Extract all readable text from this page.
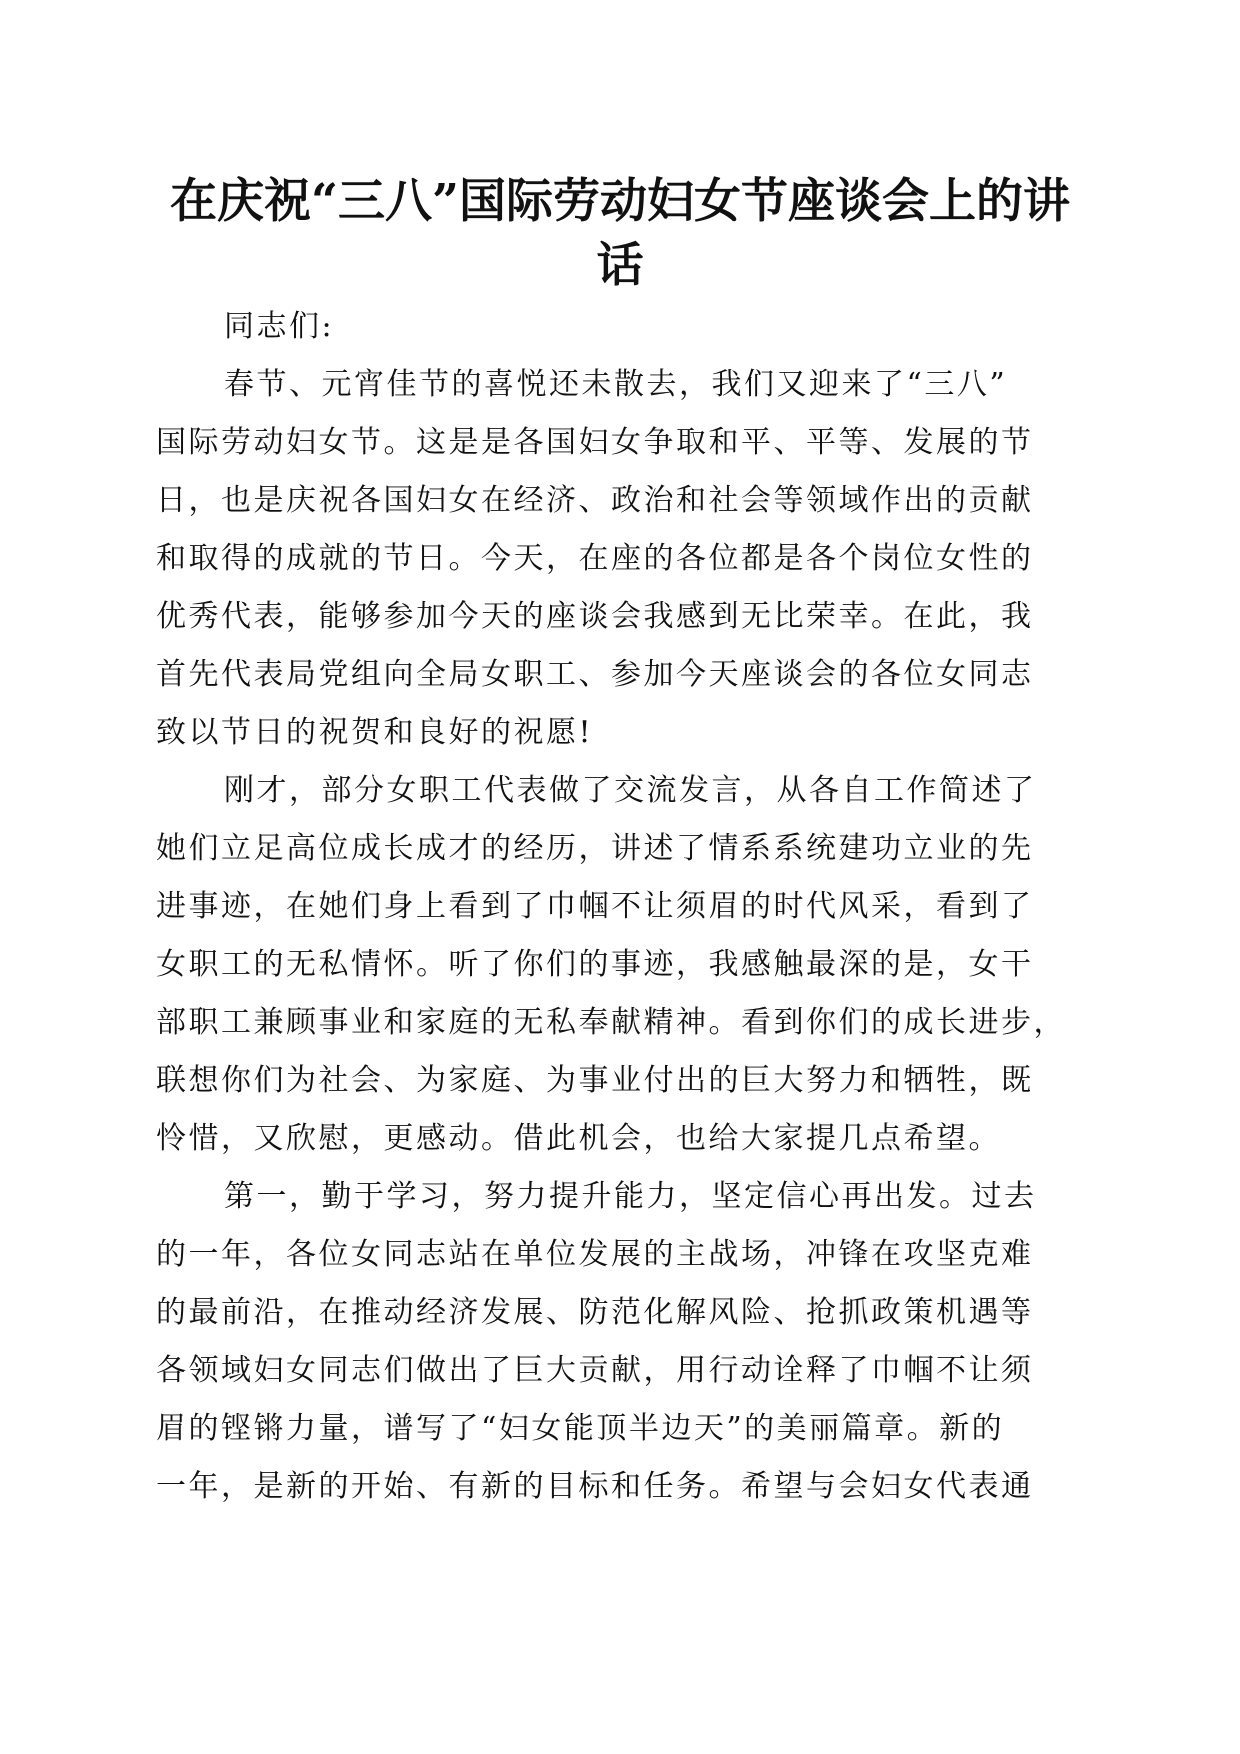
在庆祝“三八”国际劳动妇女节座谈会上的讲
话
同志们:
春节、元宵佳节的喜悦还未散去，我们又迎来了“三八”
国际劳动妇女节。这是是各国妇女争取和平、平等、发展的节
日，也是庆祝各国妇女在经济、政治和社会等领域作出的贡献
和取得的成就的节日。今天，在座的各位都是各个岗位女性的
优秀代表，能够参加今天的座谈会我感到无比荣幸。在此，我
首先代表局党组向全局女职工、参加今天座谈会的各位女同志
致以节日的祝贺和良好的祝愿!
刚才，部分女职工代表做了交流发言，从各自工作简述了
她们立足高位成长成才的经历，讲述了情系系统建功立业的先
进事迹，在她们身上看到了巾帼不让须眉的时代风采，看到了
女职工的无私情怀。听了你们的事迹，我感触最深的是，女干
部职工兼顾事业和家庭的无私奉献精神。看到你们的成长进步，
联想你们为社会、为家庭、为事业付出的巨大努力和牺牲，既
怜惜，又欣慰，更感动。借此机会，也给大家提几点希望。
第一，勤于学习，努力提升能力，坚定信心再出发。过去
的一年，各位女同志站在单位发展的主战场，冲锋在攻坚克难
的最前沿，在推动经济发展、防范化解风险、抢抓政策机遇等
各领域妇女同志们做出了巨大贡献，用行动诠释了巾帼不让须
眉的铿锵力量，谱写了“妇女能顶半边天”的美丽篇章。新的
一年，是新的开始、有新的目标和任务。希望与会妇女代表通
